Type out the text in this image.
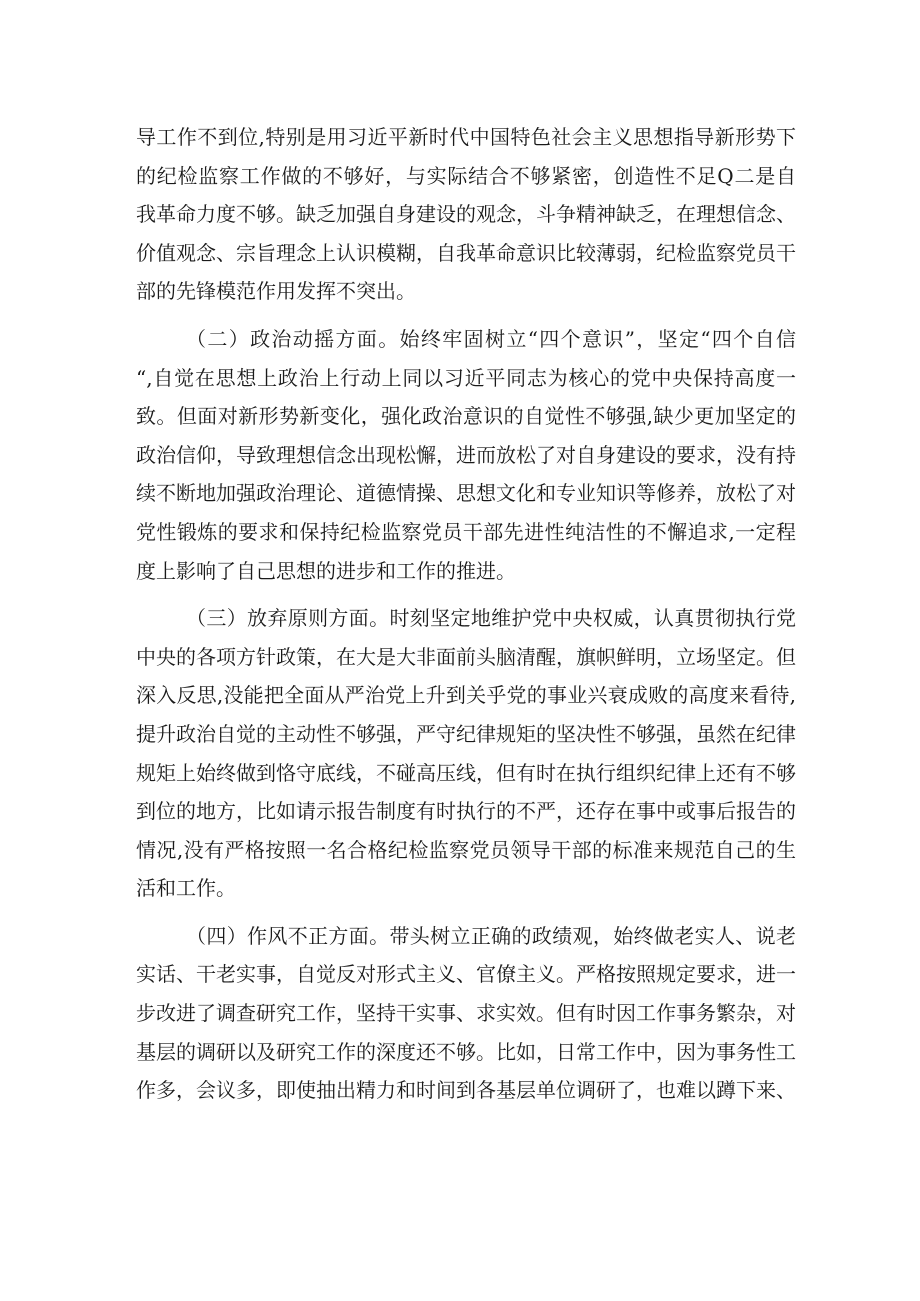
导工作不到位,特别是用习近平新时代中国特色社会主义思想指导新形势下
的纪检监察工作做的不够好，与实际结合不够紧密，创造性不足Q二是自
我革命力度不够。缺乏加强自身建设的观念，斗争精神缺乏，在理想信念、
价值观念、宗旨理念上认识模糊，自我革命意识比较薄弱，纪检监察党员干
部的先锋模范作用发挥不突出。
（二）政治动摇方面。始终牢固树立“四个意识”，坚定“四个自信
“,自觉在思想上政治上行动上同以习近平同志为核心的党中央保持高度一
致。但面对新形势新变化，强化政治意识的自觉性不够强,缺少更加坚定的
政治信仰，导致理想信念出现松懈，进而放松了对自身建设的要求，没有持
续不断地加强政治理论、道德情操、思想文化和专业知识等修养，放松了对
党性锻炼的要求和保持纪检监察党员干部先进性纯洁性的不懈追求,一定程
度上影响了自己思想的进步和工作的推进。
（三）放弃原则方面。时刻坚定地维护党中央权威，认真贯彻执行党
中央的各项方针政策，在大是大非面前头脑清醒，旗帜鲜明，立场坚定。但
深入反思,没能把全面从严治党上升到关乎党的事业兴衰成败的高度来看待,
提升政治自觉的主动性不够强，严守纪律规矩的坚决性不够强，虽然在纪律
规矩上始终做到恪守底线，不碰高压线，但有时在执行组织纪律上还有不够
到位的地方，比如请示报告制度有时执行的不严，还存在事中或事后报告的
情况,没有严格按照一名合格纪检监察党员领导干部的标准来规范自己的生
活和工作。
（四）作风不正方面。带头树立正确的政绩观，始终做老实人、说老
实话、干老实事，自觉反对形式主义、官僚主义。严格按照规定要求，进一
步改进了调查研究工作，坚持干实事、求实效。但有时因工作事务繁杂，对
基层的调研以及研究工作的深度还不够。比如，日常工作中，因为事务性工
作多，会议多，即使抽出精力和时间到各基层单位调研了，也难以蹲下来、
